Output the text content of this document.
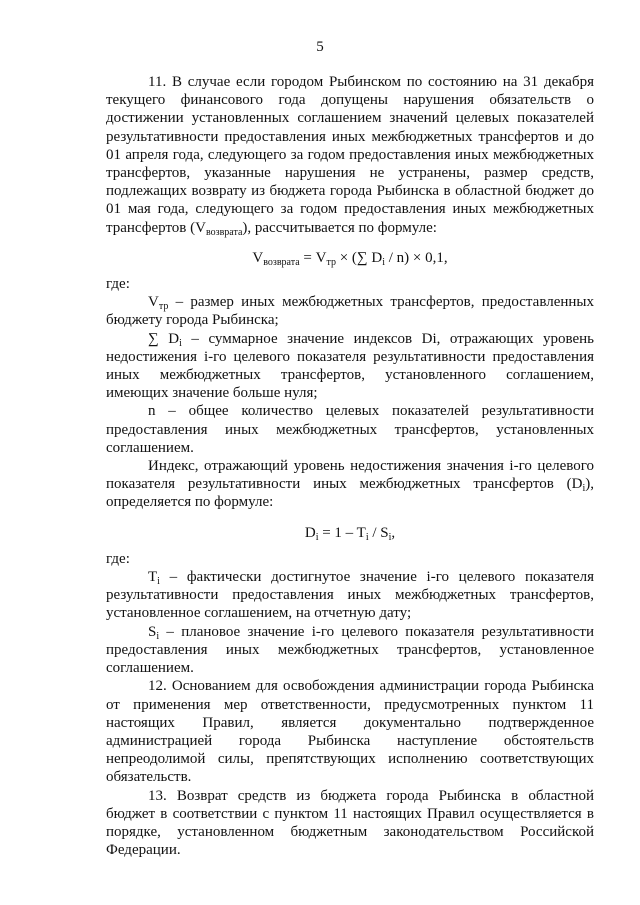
5

11. В случае если городом Рыбинском по состоянию на 31 декабря текущего финансового года допущены нарушения обязательств о достижении установленных соглашением значений целевых показателей результативности предоставления иных межбюджетных трансфертов и до 01 апреля года, следующего за годом предоставления иных межбюджетных трансфертов, указанные нарушения не устранены, размер средств, подлежащих возврату из бюджета города Рыбинска в областной бюджет до 01 мая года, следующего за годом предоставления иных межбюджетных трансфертов $(V_{возврата})$, рассчитывается по формуле:

$V_{возврата} = V_{тр}$ × (∑ $D_i / n) \times 0,1$,

где:

$V_{тр}$ – размер иных межбюджетных трансфертов, предоставленных бюджету города Рыбинска;

∑ $D_i$ – суммарное значение индексов Di, отражающих уровень недостижения i-го целевого показателя результативности предоставления иных межбюджетных трансфертов, установленного соглашением, имеющих значение больше нуля;

n – общее количество целевых показателей результативности предоставления иных межбюджетных трансфертов, установленных соглашением.

Индекс, отражающий уровень недостижения значения i-го целевого показателя результативности иных межбюджетных трансфертов $(D_i)$, определяется по формуле:

$D_i = 1 - T_i / S_i$,

где:

$T_i$ – фактически достигнутое значение i-го целевого показателя результативности предоставления иных межбюджетных трансфертов, установленное соглашением, на отчетную дату;

$S_i$ – плановое значение i-го целевого показателя результативности предоставления иных межбюджетных трансфертов, установленное соглашением.

12. Основанием для освобождения администрации города Рыбинска от применения мер ответственности, предусмотренных пунктом 11 настоящих Правил, является документально подтвержденное администрацией города Рыбинска наступление обстоятельств непреодолимой силы, препятствующих исполнению соответствующих обязательств.

13. Возврат средств из бюджета города Рыбинска в областной бюджет в соответствии с пунктом 11 настоящих Правил осуществляется в порядке, установленном бюджетным законодательством Российской Федерации.
